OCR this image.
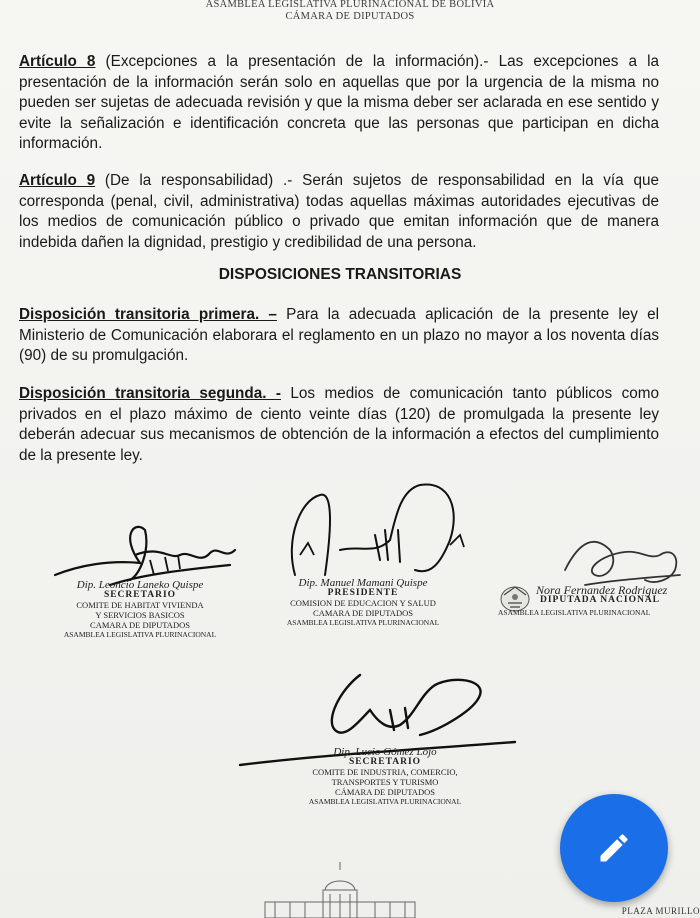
ASAMBLEA LEGISLATIVA PLURINACIONAL DE BOLIVIA
CÁMARA DE DIPUTADOS
Artículo 8 (Excepciones a la presentación de la información).- Las excepciones a la presentación de la información serán solo en aquellas que por la urgencia de la misma no pueden ser sujetas de adecuada revisión y que la misma deber ser aclarada en ese sentido y evite la señalización e identificación concreta que las personas que participan en dicha información.
Artículo 9 (De la responsabilidad) .- Serán sujetos de responsabilidad en la vía que corresponda (penal, civil, administrativa) todas aquellas máximas autoridades ejecutivas de los medios de comunicación público o privado que emitan información que de manera indebida dañen la dignidad, prestigio y credibilidad de una persona.
DISPOSICIONES TRANSITORIAS
Disposición transitoria primera. – Para la adecuada aplicación de la presente ley el Ministerio de Comunicación elaborara el reglamento en un plazo no mayor a los noventa días (90) de su promulgación.
Disposición transitoria segunda. - Los medios de comunicación tanto públicos como privados en el plazo máximo de ciento veinte días (120) de promulgada la presente ley deberán adecuar sus mecanismos de obtención de la información a efectos del cumplimiento de la presente ley.
Dip. Leoncio Laneko Quispe
SECRETARIO
COMITE DE HABITAT VIVIENDA
Y SERVICIOS BASICOS
CAMARA DE DIPUTADOS
ASAMBLEA LEGISLATIVA PLURINACIONAL
Dip. Manuel Mamani Quispe
PRESIDENTE
COMISION DE EDUCACION Y SALUD
CAMARA DE DIPUTADOS
ASAMBLEA LEGISLATIVA PLURINACIONAL
Nora Fernandez Rodriguez
DIPUTADA NACIONAL
ASAMBLEA LEGISLATIVA PLURINACIONAL
Dip. Lucio Gómez Lojo
SECRETARIO
COMITE DE INDUSTRIA, COMERCIO,
TRANSPORTES Y TURISMO
CÁMARA DE DIPUTADOS
ASAMBLEA LEGISLATIVA PLURINACIONAL
PLAZA MURILLO
